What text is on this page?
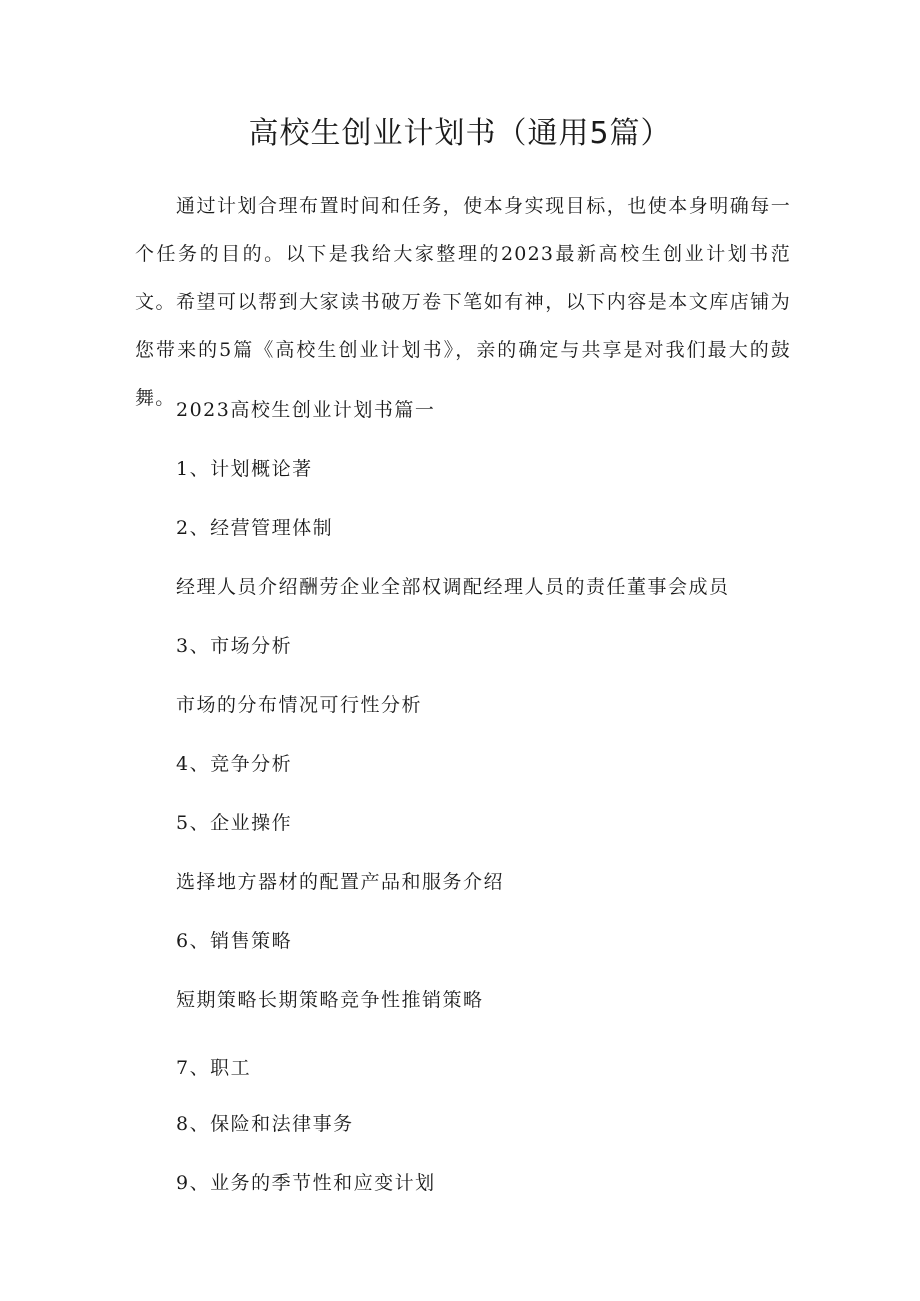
高校生创业计划书（通用5篇）

通过计划合理布置时间和任务，使本身实现目标，也使本身明确每一个任务的目的。以下是我给大家整理的2023最新高校生创业计划书范文。希望可以帮到大家读书破万卷下笔如有神，以下内容是本文库店铺为您带来的5篇《高校生创业计划书》，亲的确定与共享是对我们最大的鼓舞。

2023高校生创业计划书篇一

1、计划概论著

2、经营管理体制

经理人员介绍酬劳企业全部权调配经理人员的责任董事会成员

3、市场分析

市场的分布情况可行性分析

4、竞争分析

5、企业操作

选择地方器材的配置产品和服务介绍

6、销售策略

短期策略长期策略竞争性推销策略

7、职工

8、保险和法律事务

9、业务的季节性和应变计划
